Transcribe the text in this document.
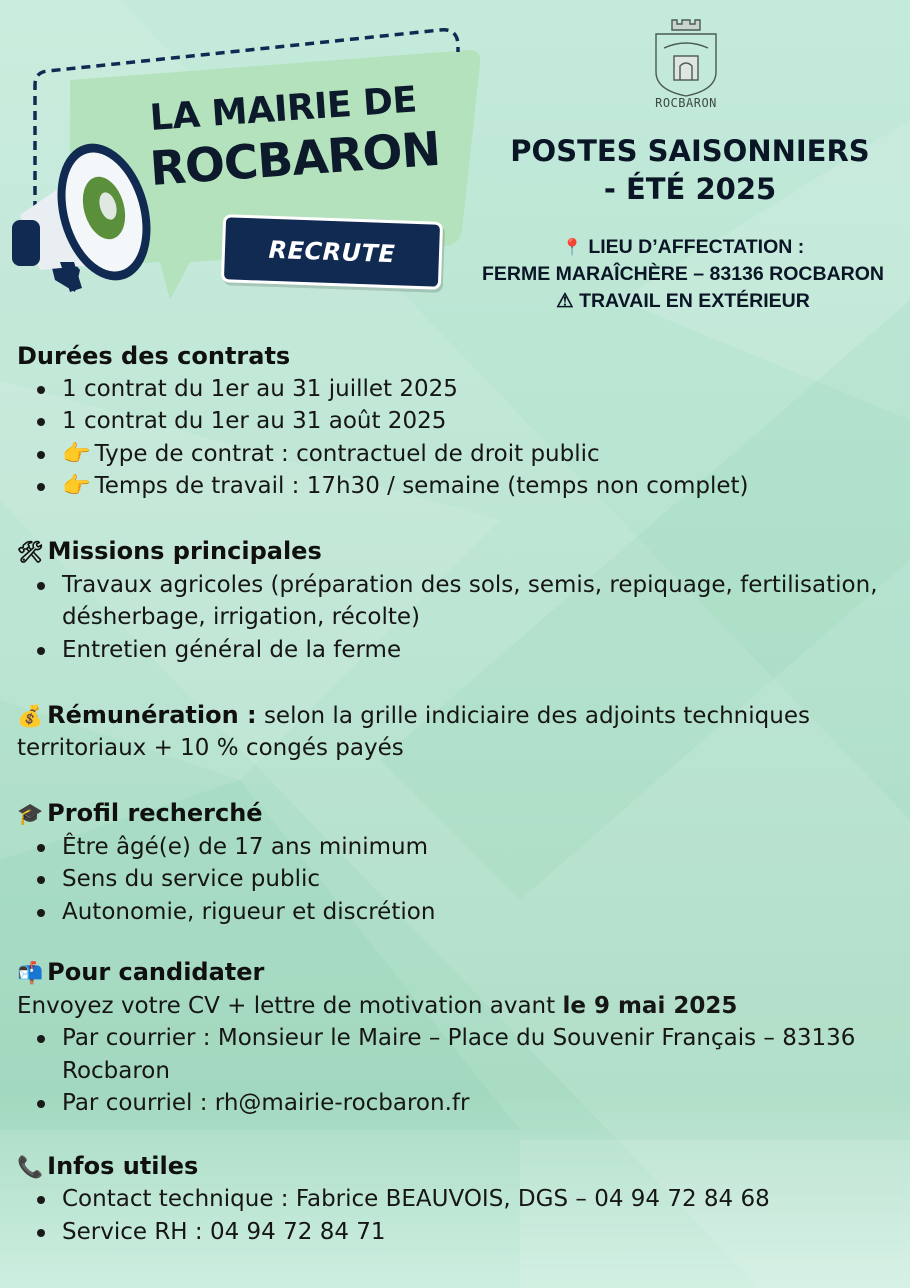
LA MAIRIE DE
ROCBARON
RECRUTE
ROCBARON
POSTES SAISONNIERS
- ÉTÉ 2025
📍 LIEU D’AFFECTATION :
FERME MARAÎCHÈRE – 83136 ROCBARON
⚠ TRAVAIL EN EXTÉRIEUR
Durées des contrats
1 contrat du 1er au 31 juillet 2025
1 contrat du 1er au 31 août 2025
👉 Type de contrat : contractuel de droit public
👉 Temps de travail : 17h30 / semaine (temps non complet)
🛠 Missions principales
Travaux agricoles (préparation des sols, semis, repiquage, fertilisation, désherbage, irrigation, récolte)
Entretien général de la ferme
💰 Rémunération : selon la grille indiciaire des adjoints techniques territoriaux + 10 % congés payés
🎓 Profil recherché
Être âgé(e) de 17 ans minimum
Sens du service public
Autonomie, rigueur et discrétion
📬 Pour candidater
Envoyez votre CV + lettre de motivation avant le 9 mai 2025
Par courrier : Monsieur le Maire – Place du Souvenir Français – 83136 Rocbaron
Par courriel : rh@mairie-rocbaron.fr
📞 Infos utiles
Contact technique : Fabrice BEAUVOIS, DGS – 04 94 72 84 68
Service RH : 04 94 72 84 71
